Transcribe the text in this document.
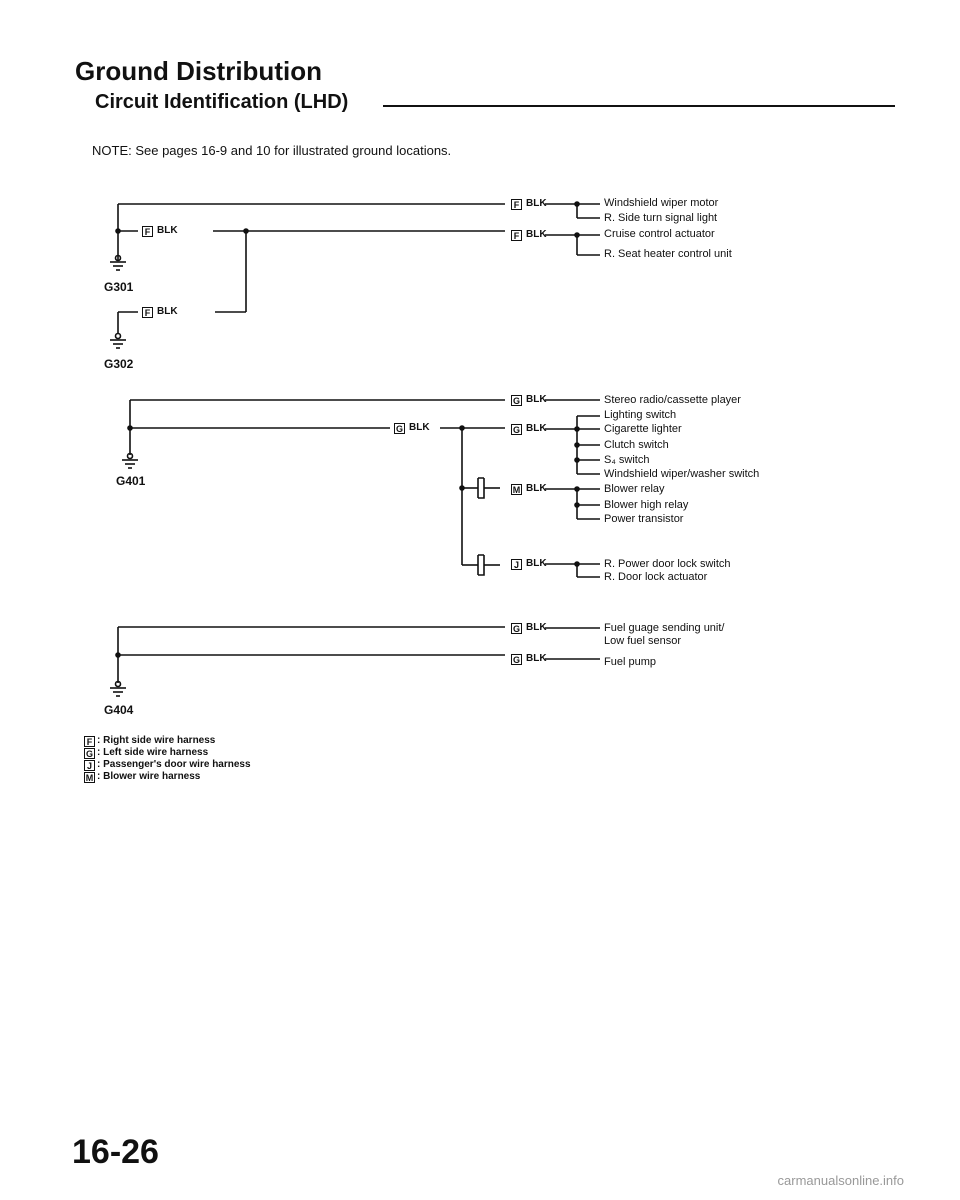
Ground Distribution
Circuit Identification (LHD)
NOTE: See pages 16-9 and 10 for illustrated ground locations.
G301
G302
G401
G404
F BLK
F BLK
G BLK
F BLK
F BLK
G BLK
G BLK
M BLK
J BLK
G BLK
G BLK
Windshield wiper motor
R. Side turn signal light
Cruise control actuator
R. Seat heater control unit
Stereo radio/cassette player
Lighting switch
Cigarette lighter
Clutch switch
S₄ switch
Windshield wiper/washer switch
Blower relay
Blower high relay
Power transistor
R. Power door lock switch
R. Door lock actuator
Fuel guage sending unit/
Low fuel sensor
Fuel pump
F : Right side wire harness
G : Left side wire harness
J : Passenger's door wire harness
M : Blower wire harness
16-26
carmanualsonline.info
